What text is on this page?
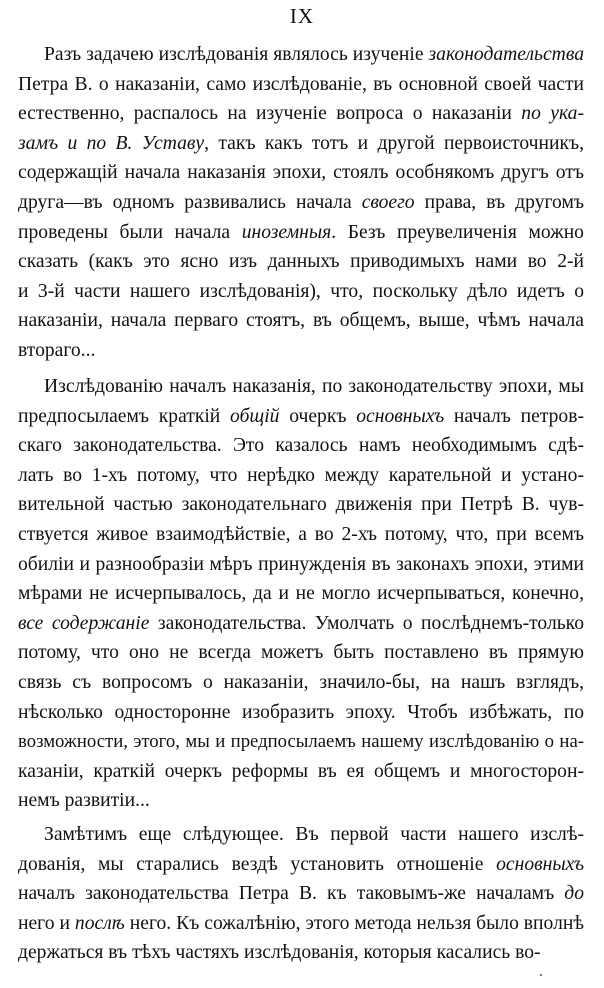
IX
Разъ задачею изслѣдованія являлось изученіе законодательства
Петра В. о наказаніи, само изслѣдованіе, въ основной своей части
естественно, распалось на изученіе вопроса о наказаніи по ука-
замъ и по В. Уставу, такъ какъ тотъ и другой первоисточникъ,
содержащій начала наказанія эпохи, стоялъ особнякомъ другъ отъ
друга—въ одномъ развивались начала своего права, въ другомъ
проведены были начала иноземныя. Безъ преувеличенія можно
сказать (какъ это ясно изъ данныхъ приводимыхъ нами во 2-й
и 3-й части нашего изслѣдованія), что, поскольку дѣло идетъ о
наказаніи, начала перваго стоятъ, въ общемъ, выше, чѣмъ начала
втораго...
Изслѣдованію началъ наказанія, по законодательству эпохи, мы
предпосылаемъ краткій общій очеркъ основныхъ началъ петров-
скаго законодательства. Это казалось намъ необходимымъ сдѣ-
лать во 1-хъ потому, что нерѣдко между карательной и устано-
вительной частью законодательнаго движенія при Петрѣ В. чув-
ствуется живое взаимодѣйствіе, а во 2-хъ потому, что, при всемъ
обиліи и разнообразіи мѣръ принужденія въ законахъ эпохи, этими
мѣрами не исчерпывалось, да и не могло исчерпываться, конечно,
все содержаніе законодательства. Умолчать о послѣднемъ-только
потому, что оно не всегда можетъ быть поставлено въ прямую
связь съ вопросомъ о наказаніи, значило-бы, на нашъ взглядъ,
нѣсколько односторонне изобразить эпоху. Чтобъ избѣжать, по
возможности, этого, мы и предпосылаемъ нашему изслѣдованію о на-
казаніи, краткій очеркъ реформы въ ея общемъ и многосторон-
немъ развитіи...
Замѣтимъ еще слѣдующее. Въ первой части нашего изслѣ-
дованія, мы старались вездѣ установить отношеніе основныхъ
началъ законодательства Петра В. къ таковымъ-же началамъ до
него и послѣ него. Къ сожалѣнію, этого метода нельзя было вполнѣ
держаться въ тѣхъ частяхъ изслѣдованія, которыя касались во-
